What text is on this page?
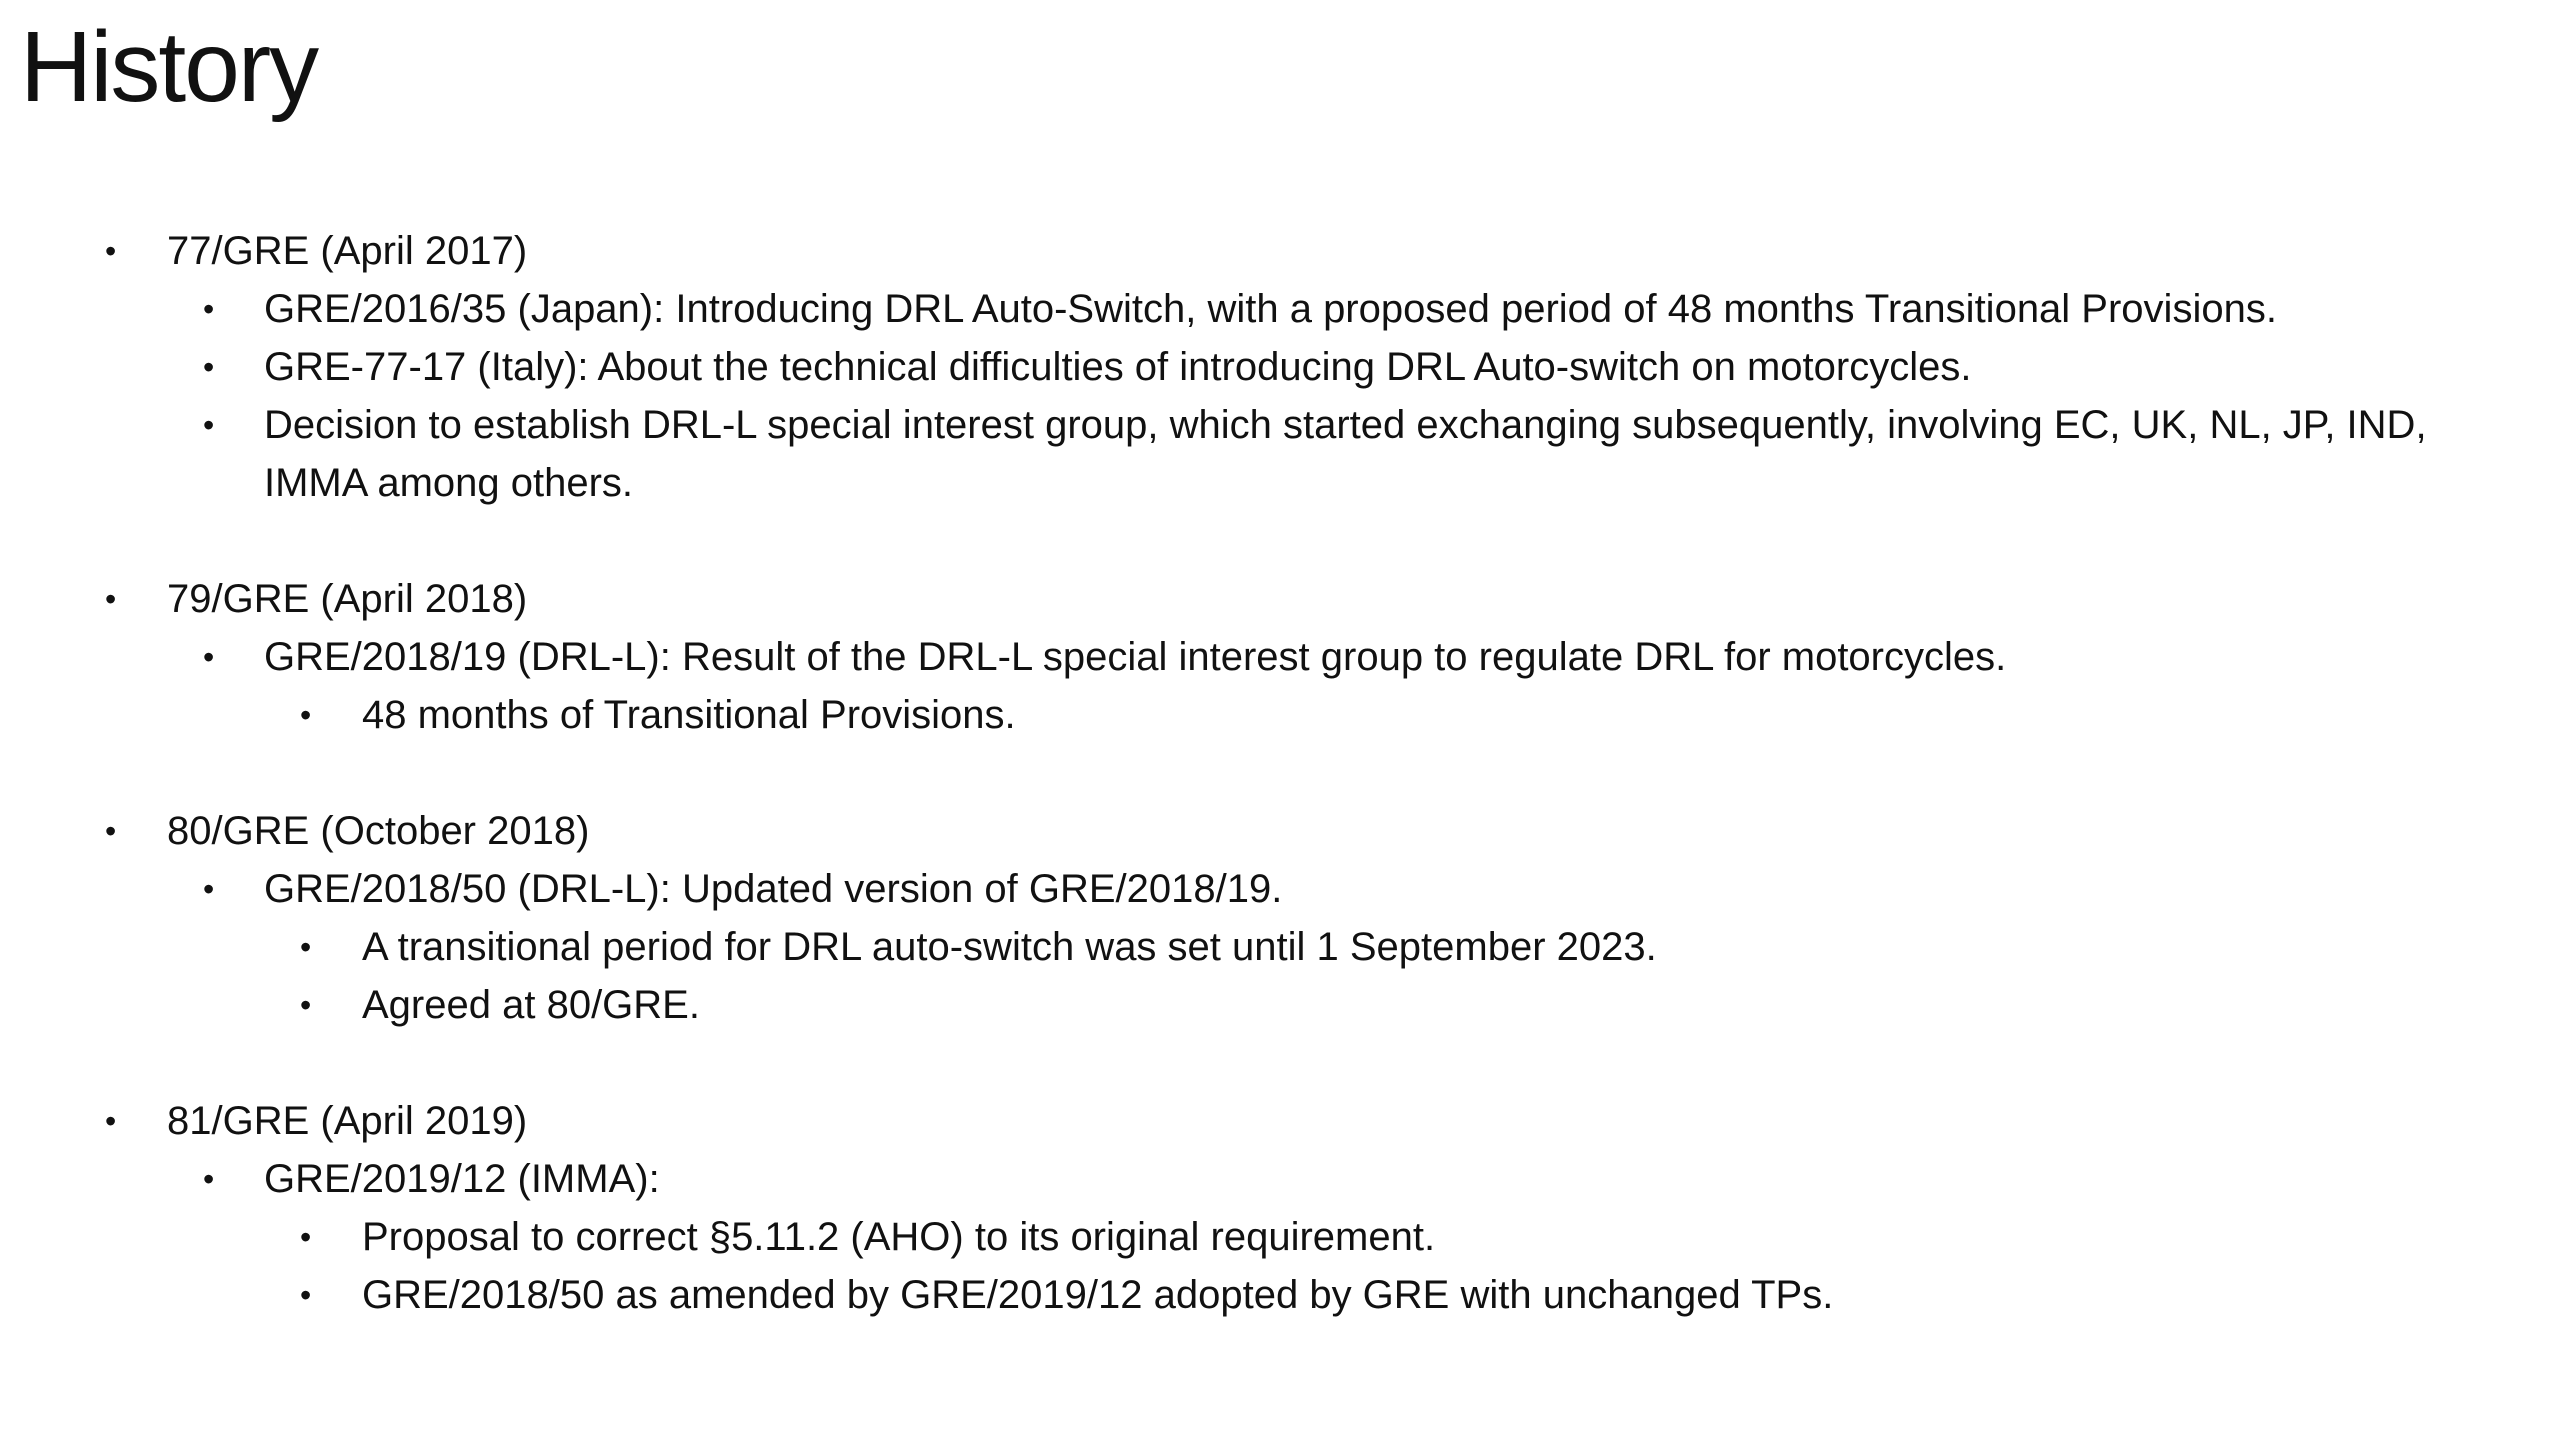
History
• 77/GRE (April 2017)
• GRE/2016/35 (Japan): Introducing DRL Auto-Switch, with a proposed period of 48 months Transitional Provisions.
• GRE-77-17 (Italy): About the technical difficulties of introducing DRL Auto-switch on motorcycles.
• Decision to establish DRL-L special interest group, which started exchanging subsequently, involving EC, UK, NL, JP, IND, IMMA among others.
• 79/GRE (April 2018)
• GRE/2018/19 (DRL-L): Result of the DRL-L special interest group to regulate DRL for motorcycles.
• 48 months of Transitional Provisions.
• 80/GRE (October 2018)
• GRE/2018/50 (DRL-L): Updated version of GRE/2018/19.
• A transitional period for DRL auto-switch was set until 1 September 2023.
• Agreed at 80/GRE.
• 81/GRE (April 2019)
• GRE/2019/12 (IMMA):
• Proposal to correct §5.11.2 (AHO) to its original requirement.
• GRE/2018/50 as amended by GRE/2019/12 adopted by GRE with unchanged TPs.
